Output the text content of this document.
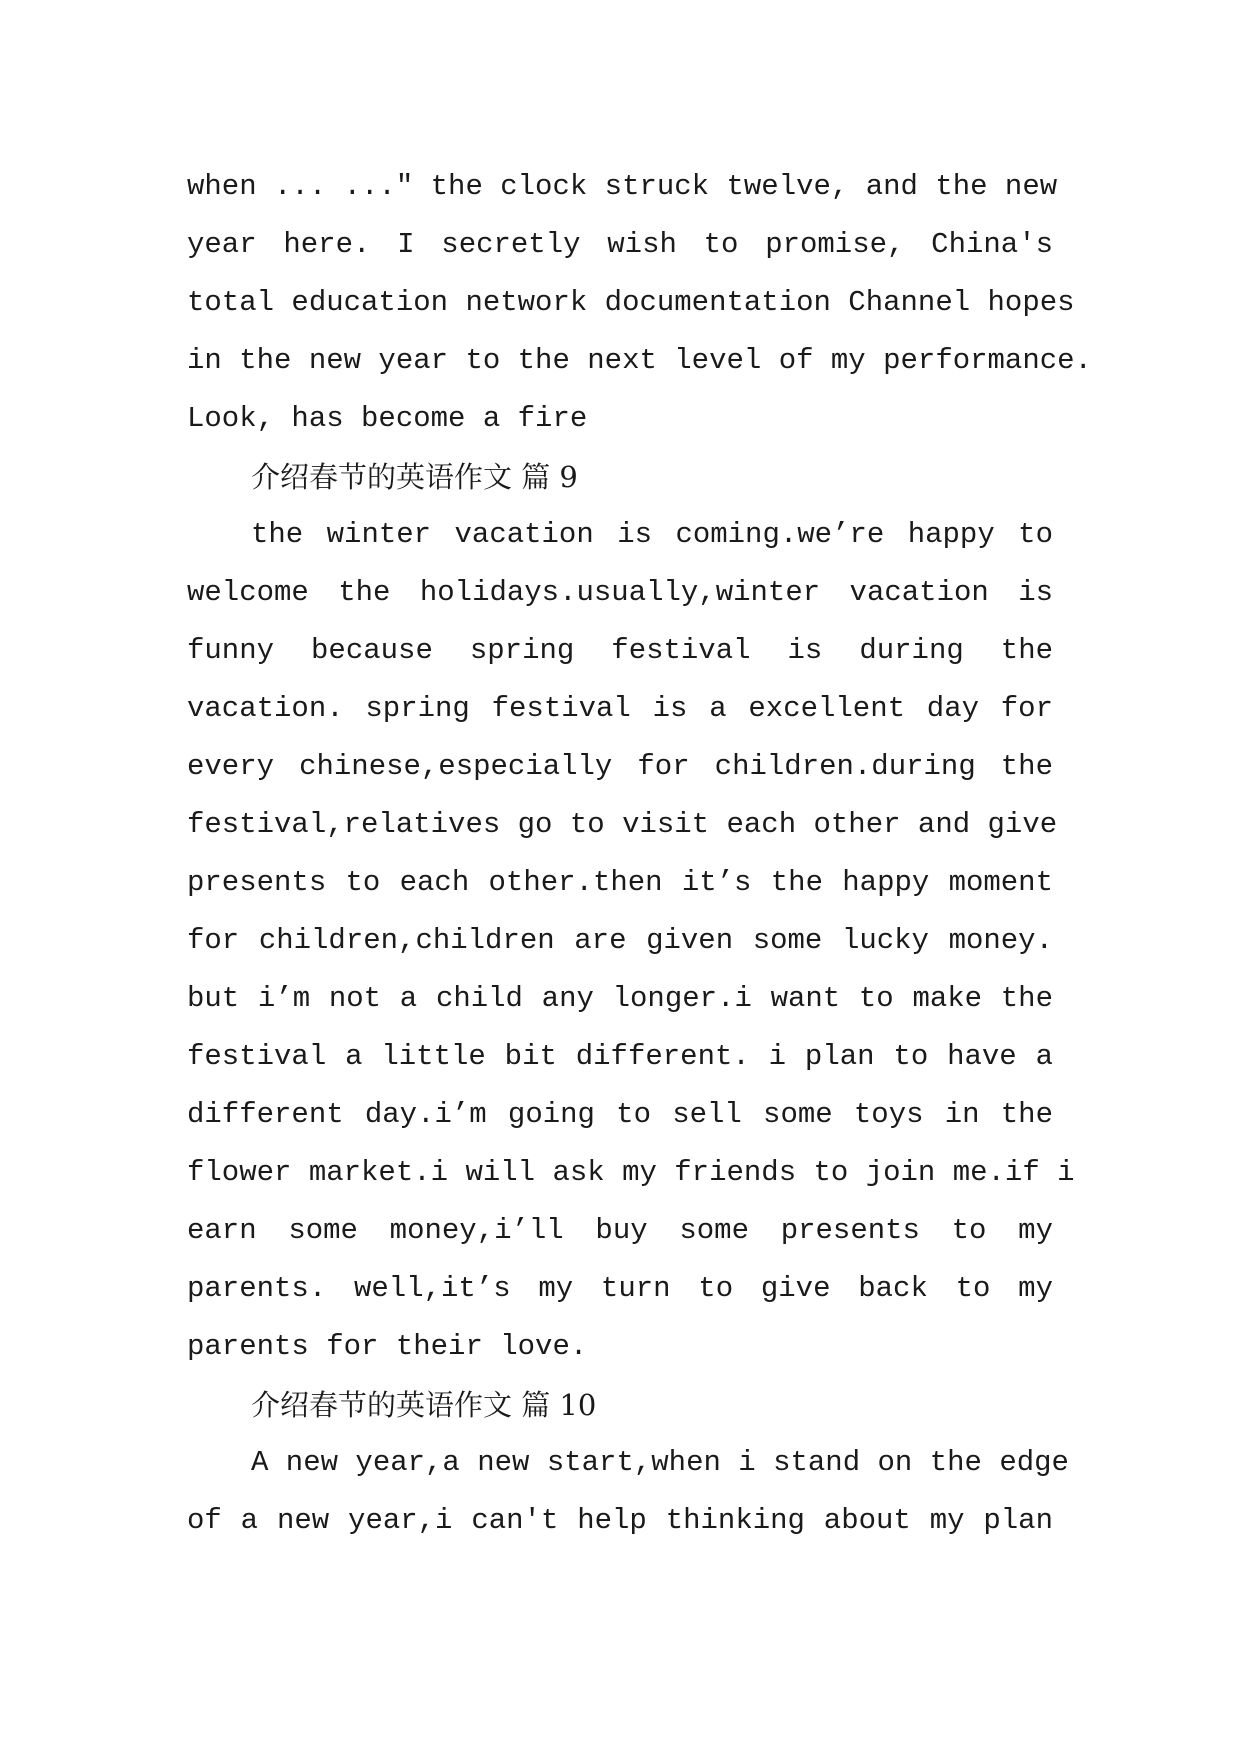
when ... ..." the clock struck twelve, and the new
year here. I secretly wish to promise, China's
total education network documentation Channel hopes
in the new year to the next level of my performance.
Look, has become a fire
介绍春节的英语作文 篇 9
the winter vacation is coming.we’re happy to
welcome the holidays.usually,winter vacation is
funny because spring festival is during the
vacation. spring festival is a excellent day for
every chinese,especially for children.during the
festival,relatives go to visit each other and give
presents to each other.then it’s the happy moment
for children,children are given some lucky money.
but i’m not a child any longer.i want to make the
festival a little bit different. i plan to have a
different day.i’m going to sell some toys in the
flower market.i will ask my friends to join me.if i
earn some money,i’ll buy some presents to my
parents. well,it’s my turn to give back to my
parents for their love.
介绍春节的英语作文 篇 10
A new year,a new start,when i stand on the edge
of a new year,i can't help thinking about my plan
